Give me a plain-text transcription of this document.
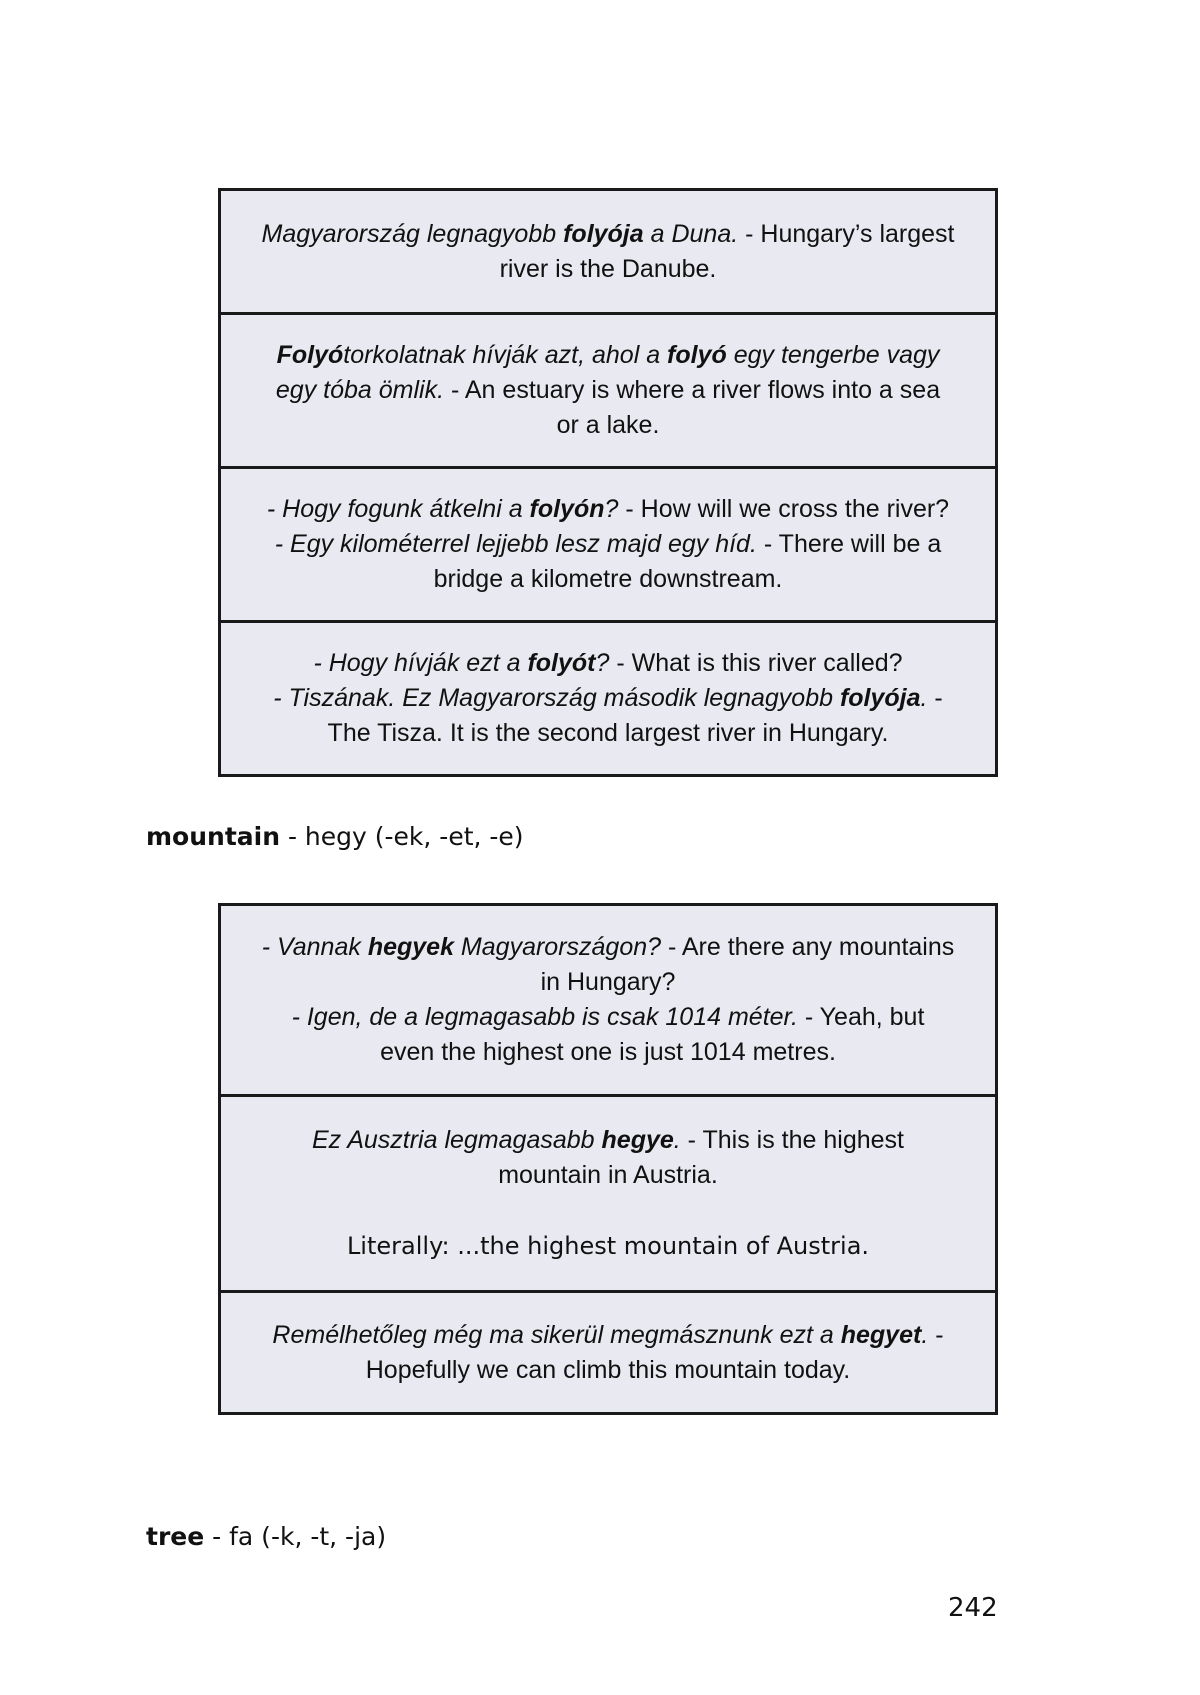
Magyarország legnagyobb folyója a Duna. - Hungary’s largest
river is the Danube.
Folyótorkolatnak hívják azt, ahol a folyó egy tengerbe vagy
egy tóba ömlik. - An estuary is where a river flows into a sea
or a lake.
- Hogy fogunk átkelni a folyón? - How will we cross the river?
- Egy kilométerrel lejjebb lesz majd egy híd. - There will be a
bridge a kilometre downstream.
- Hogy hívják ezt a folyót? - What is this river called?
- Tiszának. Ez Magyarország második legnagyobb folyója. -
The Tisza. It is the second largest river in Hungary.
mountain - hegy (-ek, -et, -e)
- Vannak hegyek Magyarországon? - Are there any mountains
in Hungary?
- Igen, de a legmagasabb is csak 1014 méter. - Yeah, but
even the highest one is just 1014 metres.
Ez Ausztria legmagasabb hegye. - This is the highest
mountain in Austria.
Literally: ...the highest mountain of Austria.
Remélhetőleg még ma sikerül megmásznunk ezt a hegyet. -
Hopefully we can climb this mountain today.
tree - fa (-k, -t, -ja)
242
